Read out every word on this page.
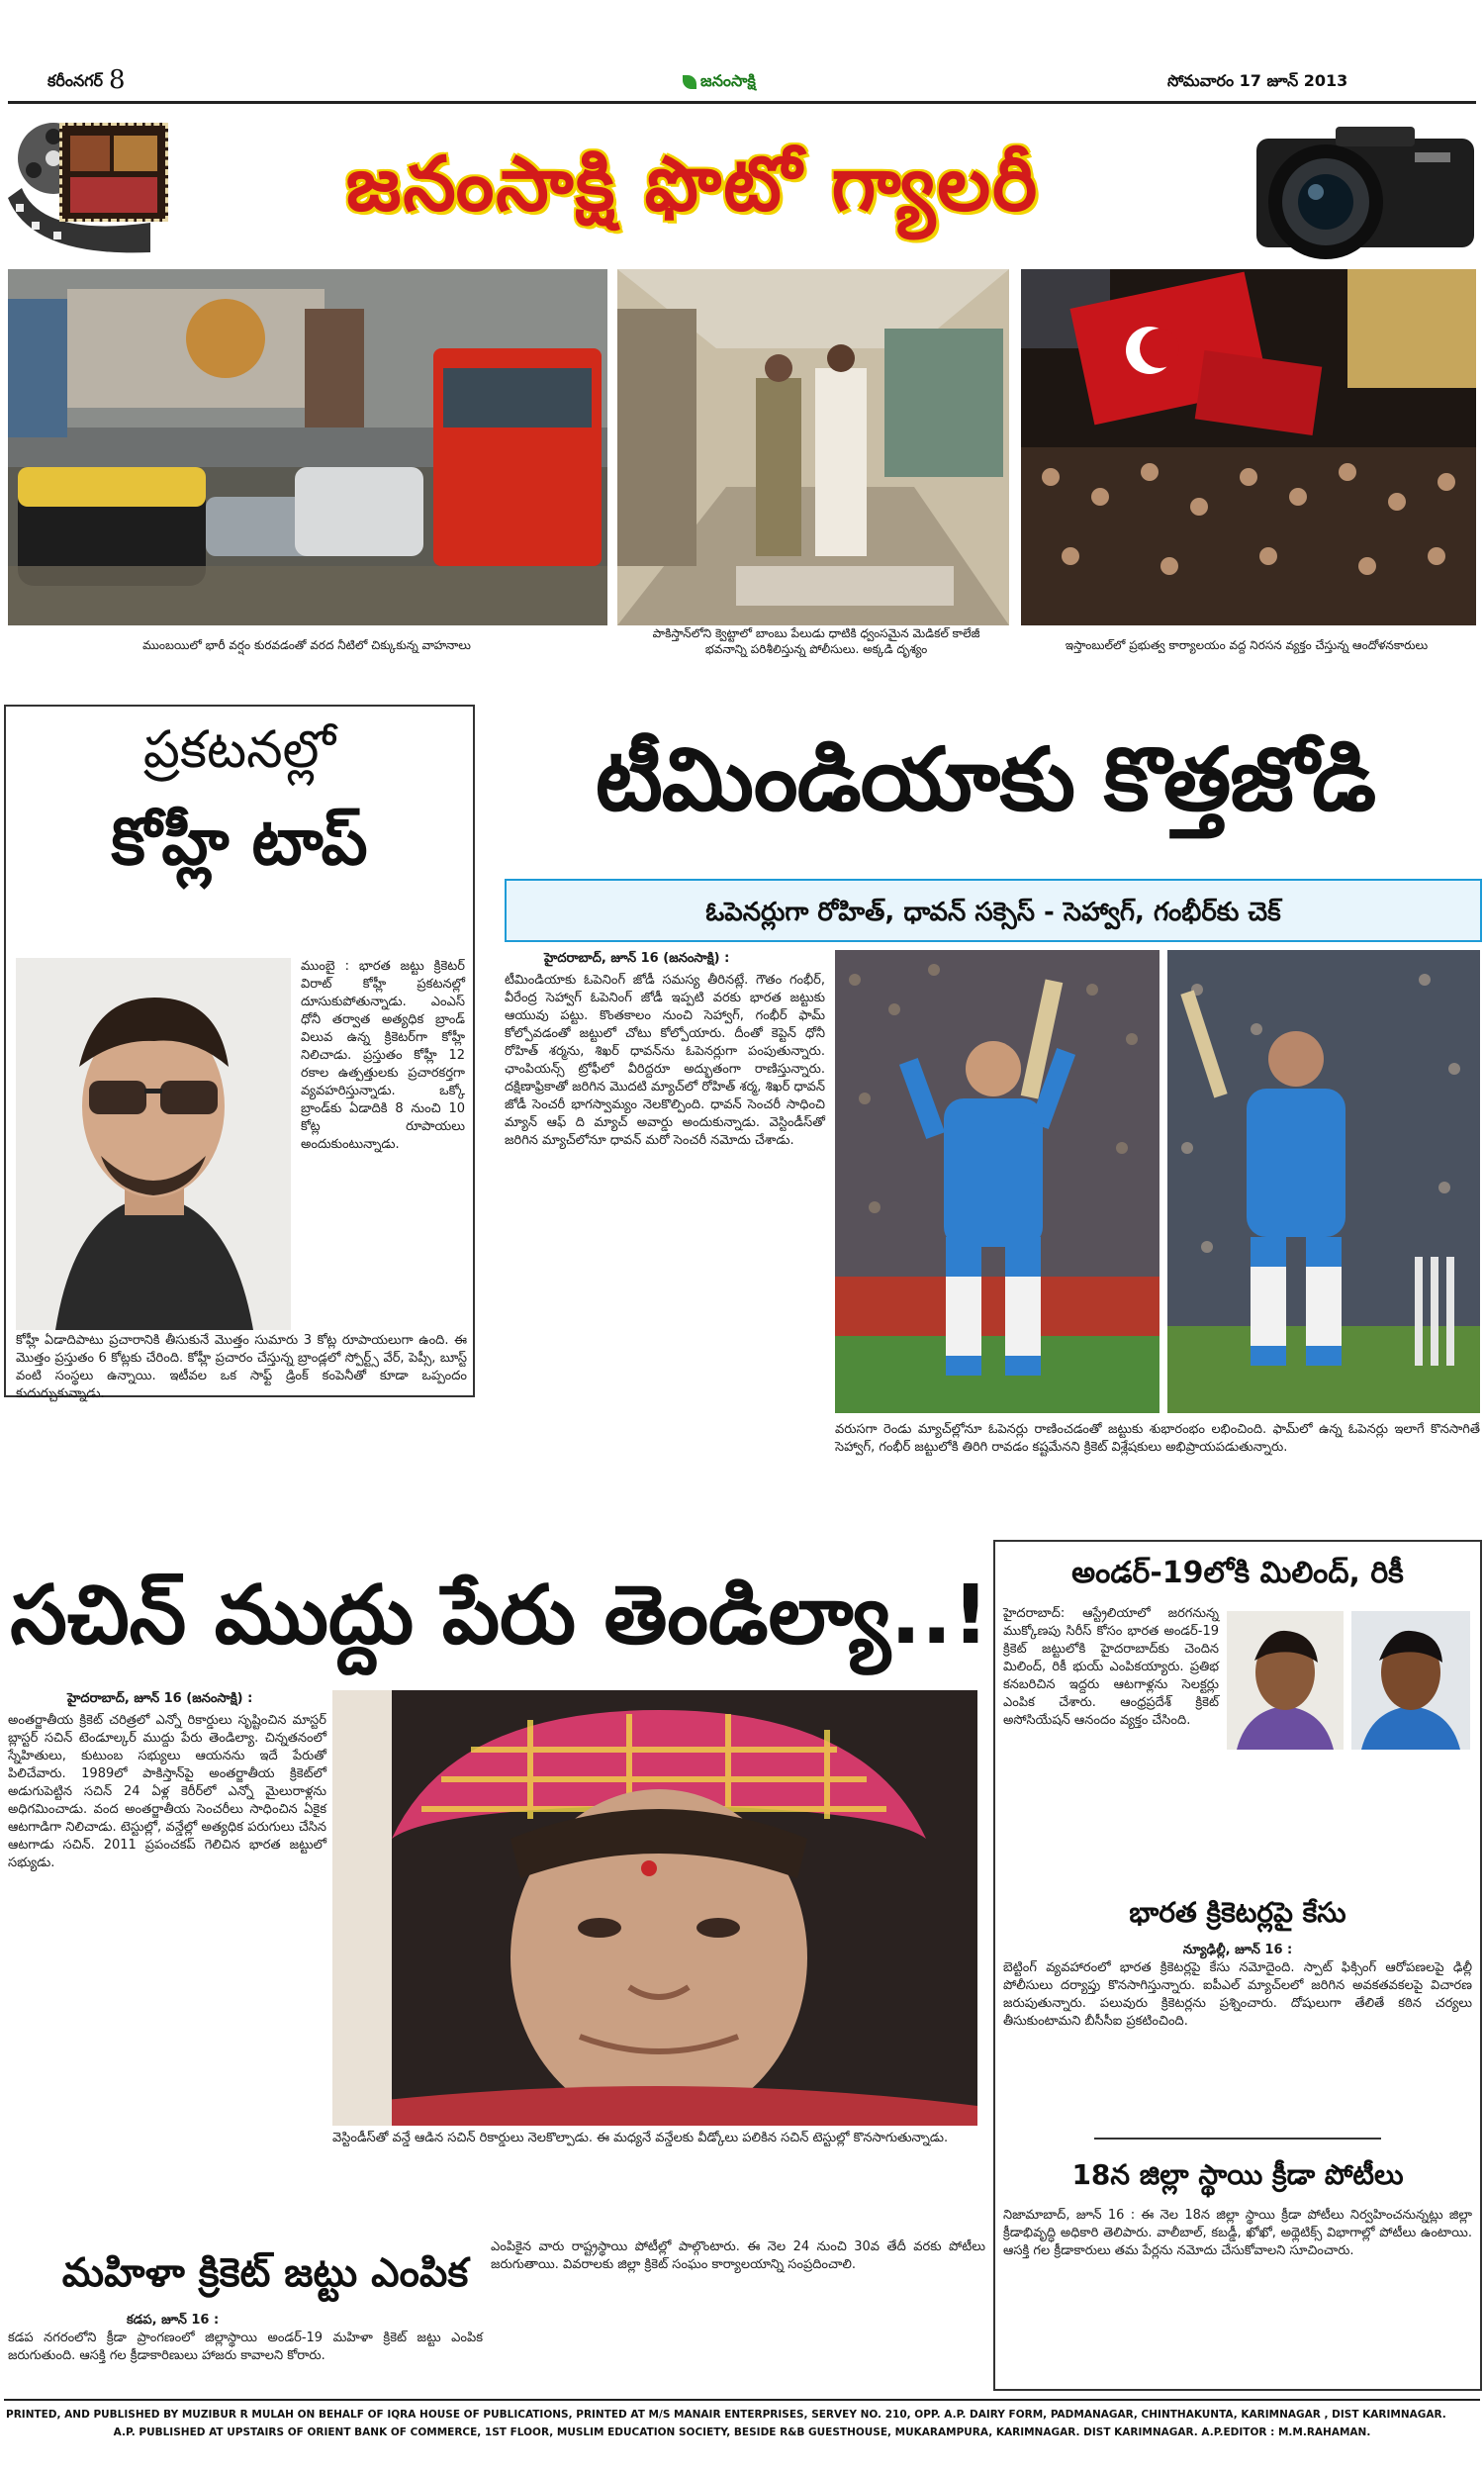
కరీంనగర్ 8	జనంసాక్షి	సోమవారం 17 జూన్ 2013
జనంసాక్షి ఫొటో గ్యాలరీ
ముంబయిలో భారీ వర్షం కురవడంతో వరద నీటిలో చిక్కుకున్న వాహనాలు
పాకిస్తాన్‌లోని క్వెట్టాలో బాంబు పేలుడు ధాటికి ధ్వంసమైన మెడికల్ కాలేజీ భవనాన్ని పరిశీలిస్తున్న పోలీసులు. అక్కడి దృశ్యం	ఇస్తాంబుల్‌లో ప్రభుత్వ కార్యాలయం వద్ద నిరసన వ్యక్తం చేస్తున్న ఆందోళనకారులు
ప్రకటనల్లో
కోహ్లీ టాప్
ముంబై : భారత జట్టు క్రికెటర్ విరాట్ కోహ్లీ ప్రకటనల్లో దూసుకుపోతున్నాడు. ఎంఎస్ ధోనీ తర్వాత అత్యధిక బ్రాండ్ విలువ ఉన్న క్రికెటర్‌గా కోహ్లీ నిలిచాడు. ప్రస్తుతం కోహ్లీ 12 రకాల ఉత్పత్తులకు ప్రచారకర్తగా వ్యవహరిస్తున్నాడు. ఒక్కో బ్రాండ్‌కు ఏడాదికి 8 నుంచి 10 కోట్ల రూపాయలు అందుకుంటున్నాడు.
కోహ్లీ ఏడాదిపాటు ప్రచారానికి తీసుకునే మొత్తం సుమారు 3 కోట్ల రూపాయలుగా ఉంది. ఈ మొత్తం ప్రస్తుతం 6 కోట్లకు చేరింది. కోహ్లీ ప్రచారం చేస్తున్న బ్రాండ్లలో స్పోర్ట్స్ వేర్, పెప్సీ, బూస్ట్ వంటి సంస్థలు ఉన్నాయి. ఇటీవల ఒక సాఫ్ట్ డ్రింక్ కంపెనీతో కూడా ఒప్పందం కుదుర్చుకున్నాడు.
టీమిండియాకు కొత్తజోడి
ఓపెనర్లుగా రోహిత్, ధావన్ సక్సెస్ - సెహ్వాగ్, గంభీర్‌కు చెక్
హైదరాబాద్, జూన్ 16 (జనంసాక్షి) :
టీమిండియాకు ఓపెనింగ్ జోడీ సమస్య తీరినట్లే. గౌతం గంభీర్, వీరేంద్ర సెహ్వాగ్ ఓపెనింగ్ జోడీ ఇప్పటి వరకు భారత జట్టుకు ఆయువు పట్టు. కొంతకాలం నుంచి సెహ్వాగ్, గంభీర్ ఫామ్ కోల్పోవడంతో జట్టులో చోటు కోల్పోయారు. దీంతో కెప్టెన్ ధోనీ రోహిత్ శర్మను, శిఖర్ ధావన్‌ను ఓపెనర్లుగా పంపుతున్నారు. ఛాంపియన్స్ ట్రోఫీలో వీరిద్దరూ అద్భుతంగా రాణిస్తున్నారు. దక్షిణాఫ్రికాతో జరిగిన మొదటి మ్యాచ్‌లో రోహిత్ శర్మ, శిఖర్ ధావన్ జోడీ సెంచరీ భాగస్వామ్యం నెలకొల్పింది. ధావన్ సెంచరీ సాధించి మ్యాన్ ఆఫ్ ది మ్యాచ్ అవార్డు అందుకున్నాడు. వెస్టిండీస్‌తో జరిగిన మ్యాచ్‌లోనూ ధావన్ మరో సెంచరీ నమోదు చేశాడు.
వరుసగా రెండు మ్యాచ్‌ల్లోనూ ఓపెనర్లు రాణించడంతో జట్టుకు శుభారంభం లభించింది. ఫామ్‌లో ఉన్న ఓపెనర్లు ఇలాగే కొనసాగితే సెహ్వాగ్, గంభీర్ జట్టులోకి తిరిగి రావడం కష్టమేనని క్రికెట్ విశ్లేషకులు అభిప్రాయపడుతున్నారు.
సచిన్ ముద్దు పేరు తెండిల్యా..!
హైదరాబాద్, జూన్ 16 (జనంసాక్షి) :
అంతర్జాతీయ క్రికెట్ చరిత్రలో ఎన్నో రికార్డులు సృష్టించిన మాస్టర్ బ్లాస్టర్ సచిన్ టెండూల్కర్ ముద్దు పేరు తెండిల్యా. చిన్నతనంలో స్నేహితులు, కుటుంబ సభ్యులు ఆయనను ఇదే పేరుతో పిలిచేవారు. 1989లో పాకిస్తాన్‌పై అంతర్జాతీయ క్రికెట్‌లో అడుగుపెట్టిన సచిన్ 24 ఏళ్ల కెరీర్‌లో ఎన్నో మైలురాళ్లను అధిగమించాడు. వంద అంతర్జాతీయ సెంచరీలు సాధించిన ఏకైక ఆటగాడిగా నిలిచాడు. టెస్టుల్లో, వన్డేల్లో అత్యధిక పరుగులు చేసిన ఆటగాడు సచిన్. 2011 ప్రపంచకప్‌ గెలిచిన భారత జట్టులో సభ్యుడు.
వెస్టిండీస్‌తో వన్డే ఆడిన సచిన్ రికార్డులు నెలకొల్పాడు. ఈ మధ్యనే వన్డేలకు వీడ్కోలు పలికిన సచిన్ టెస్టుల్లో కొనసాగుతున్నాడు.
మహిళా క్రికెట్ జట్టు ఎంపిక
కడప, జూన్ 16 :
కడప నగరంలోని క్రీడా ప్రాంగణంలో జిల్లాస్థాయి అండర్-19 మహిళా క్రికెట్ జట్టు ఎంపిక జరుగుతుంది. ఆసక్తి గల క్రీడాకారిణులు హాజరు కావాలని కోరారు.
ఎంపికైన వారు రాష్ట్రస్థాయి పోటీల్లో పాల్గొంటారు. ఈ నెల 24 నుంచి 30వ తేదీ వరకు పోటీలు జరుగుతాయి. వివరాలకు జిల్లా క్రికెట్ సంఘం కార్యాలయాన్ని సంప్రదించాలి.
అండర్-19లోకి మిలింద్, రికీ
హైదరాబాద్: ఆస్ట్రేలియాలో జరగనున్న ముక్కోణపు సిరీస్ కోసం భారత అండర్-19 క్రికెట్ జట్టులోకి హైదరాబాద్‌కు చెందిన మిలింద్, రికీ భుయ్ ఎంపికయ్యారు. ప్రతిభ కనబరిచిన ఇద్దరు ఆటగాళ్లను సెలక్టర్లు ఎంపిక చేశారు. ఆంధ్రప్రదేశ్ క్రికెట్ అసోసియేషన్ ఆనందం వ్యక్తం చేసింది.
భారత క్రికెటర్లపై కేసు
న్యూఢిల్లీ, జూన్ 16 :
బెట్టింగ్ వ్యవహారంలో భారత క్రికెటర్లపై కేసు నమోదైంది. స్పాట్ ఫిక్సింగ్ ఆరోపణలపై ఢిల్లీ పోలీసులు దర్యాప్తు కొనసాగిస్తున్నారు. ఐపీఎల్ మ్యాచ్‌లలో జరిగిన అవకతవకలపై విచారణ జరుపుతున్నారు. పలువురు క్రికెటర్లను ప్రశ్నించారు. దోషులుగా తేలితే కఠిన చర్యలు తీసుకుంటామని బీసీసీఐ ప్రకటించింది.
18న జిల్లా స్థాయి క్రీడా పోటీలు
నిజామాబాద్, జూన్ 16 : ఈ నెల 18న జిల్లా స్థాయి క్రీడా పోటీలు నిర్వహించనున్నట్లు జిల్లా క్రీడాభివృద్ధి అధికారి తెలిపారు. వాలీబాల్, కబడ్డీ, ఖోఖో, అథ్లెటిక్స్ విభాగాల్లో పోటీలు ఉంటాయి. ఆసక్తి గల క్రీడాకారులు తమ పేర్లను నమోదు చేసుకోవాలని సూచించారు.
PRINTED, AND PUBLISHED BY MUZIBUR R MULAH ON BEHALF OF IQRA HOUSE OF PUBLICATIONS, PRINTED AT M/S MANAIR ENTERPRISES, SERVEY NO. 210, OPP. A.P. DAIRY FORM, PADMANAGAR, CHINTHAKUNTA, KARIMNAGAR , DIST KARIMNAGAR.
A.P. PUBLISHED AT UPSTAIRS OF ORIENT BANK OF COMMERCE, 1ST FLOOR, MUSLIM EDUCATION SOCIETY, BESIDE R&B GUESTHOUSE, MUKARAMPURA, KARIMNAGAR. DIST KARIMNAGAR. A.P.EDITOR : M.M.RAHAMAN.
